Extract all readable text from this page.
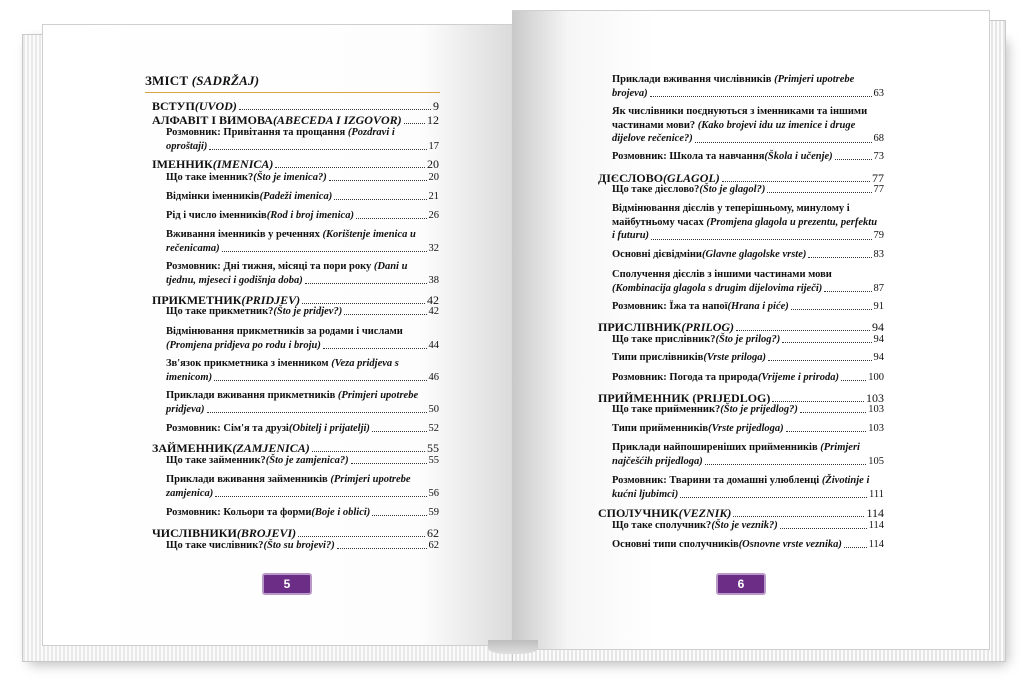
ЗМІСТ (SADRŽAJ)
ВСТУП (UVOD)	9
АЛФАВІТ І ВИМОВА (ABECEDA I IZGOVOR) 12
Розмовник: Привітання та прощання (Pozdravi i
oproštaji)	17
ІМЕННИК (IMENICA)	20
Що таке іменник? (Što je imenica?)	20
Відмінки іменників (Padeži imenica)	21
Рід і число іменників (Rod i broj imenica)	26
Вживання іменників у реченнях (Korištenje imenica u
rečenicama)	32
Розмовник: Дні тижня, місяці та пори року (Dani u
tjednu, mjeseci i godišnja doba)	38
ПРИКМЕТНИК (PRIDJEV)	42
Що таке прикметник? (Što je pridjev?)	42
Відмінювання прикметників за родами і числами
(Promjena pridjeva po rodu i broju)	44
Зв'язок прикметника з іменником (Veza pridjeva s
imenicom)	46
Приклади вживання прикметників (Primjeri upotrebe
pridjeva)	50
Розмовник: Сім'я та друзі (Obitelj i prijatelji)	52
ЗАЙМЕННИК (ZAMJENICA)	55
Що таке займенник? (Što je zamjenica?)	55
Приклади вживання займенників (Primjeri upotrebe
zamjenica)	56
Розмовник: Кольори та форми (Boje i oblici)	59
ЧИСЛІВНИКИ (BROJEVI)	62
Що таке числівник? (Što su brojevi?)	62
Приклади вживання числівників (Primjeri upotrebe
brojeva)	63
Як числівники поєднуються з іменниками та іншими
частинами мови? (Kako brojevi idu uz imenice i druge
dijelove rečenice?)	68
Розмовник: Школа та навчання (Škola i učenje)	73
ДІЄСЛОВО (GLAGOL)	77
Що таке дієслово? (Što je glagol?)	77
Відмінювання дієслів у теперішньому, минулому і
майбутньому часах (Promjena glagola u prezentu, perfektu
i futuru)	79
Основні дієвідміни (Glavne glagolske vrste)	83
Сполучення дієслів з іншими частинами мови
(Kombinacija glagola s drugim dijelovima riječi)	87
Розмовник: Їжа та напої (Hrana i piće)	91
ПРИСЛІВНИК (PRILOG)	94
Що таке прислівник? (Što je prilog?)	94
Типи прислівників (Vrste priloga)	94
Розмовник: Погода та природа (Vrijeme i priroda)	100
ПРИЙМЕННИК (PRIJEDLOG)	103
Що таке прийменник? (Što je prijedlog?)	103
Типи прийменників (Vrste prijedloga)	103
Приклади найпоширеніших прийменників (Primjeri
najčešćih prijedloga)	105
Розмовник: Тварини та домашні улюбленці (Životinje i
kućni ljubimci)	111
СПОЛУЧНИК (VEZNIK)	114
Що таке сполучник? (Što je veznik?)	114
Основні типи сполучників (Osnovne vrste veznika)	114
5	6
